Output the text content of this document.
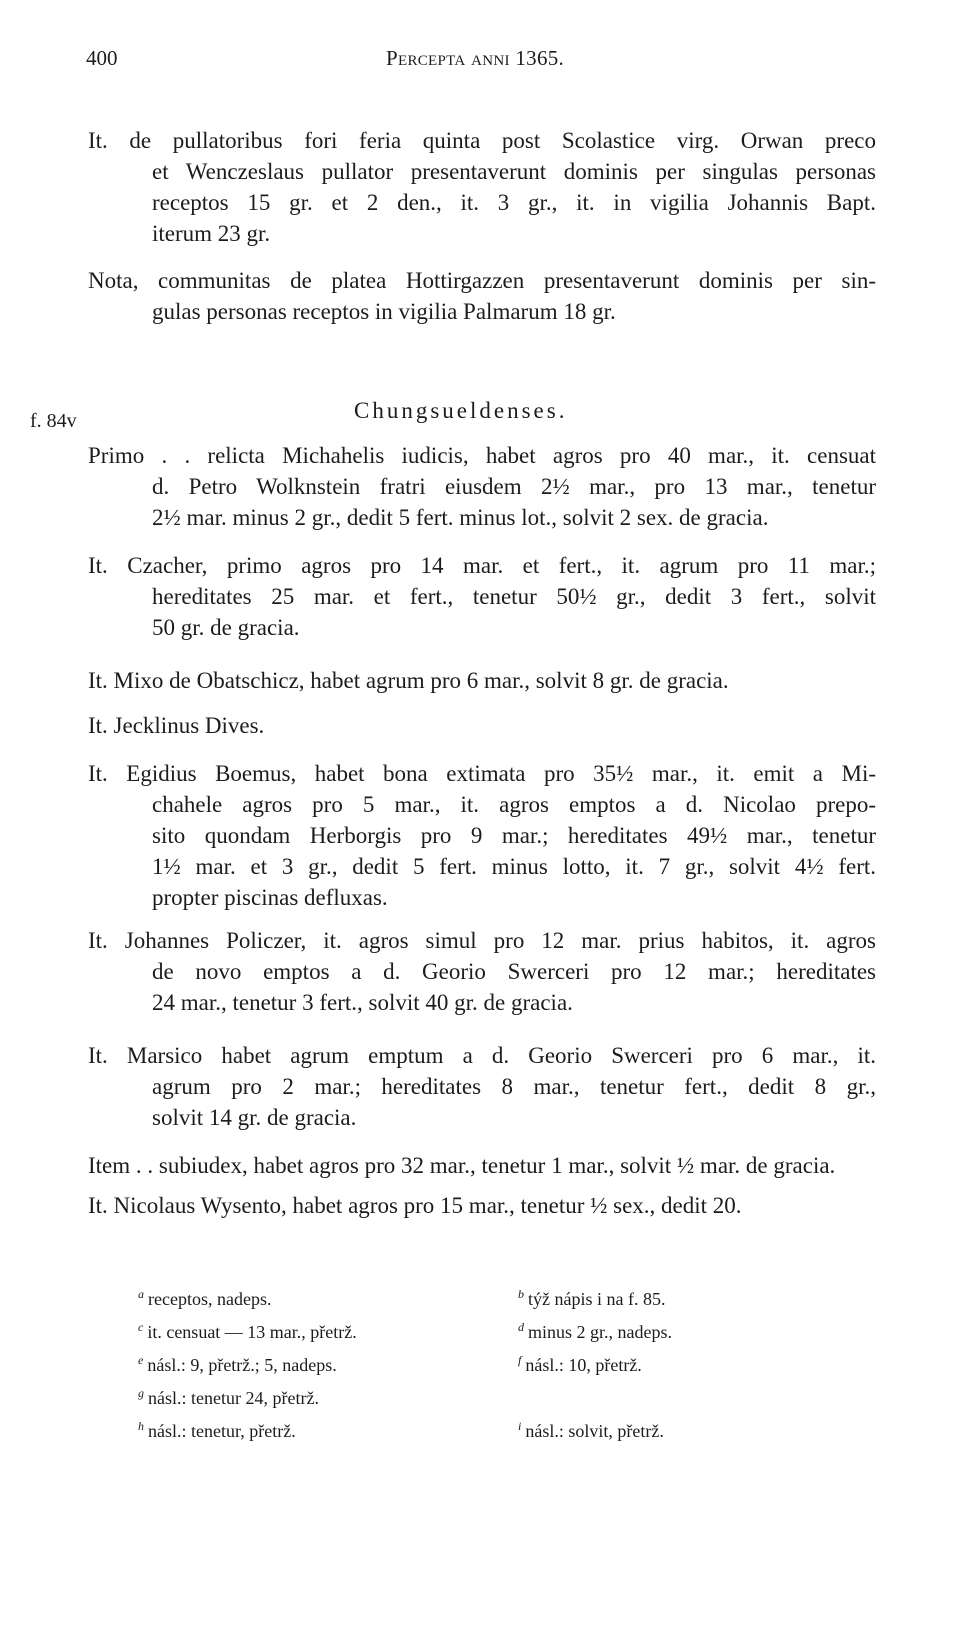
400	Percepta anni 1365.
f. 84v	Chungsueldenses.
It. de pullatoribus fori feria quinta post Scolastice virg. Orwan preco
et Wenczeslaus pullator presentaverunt dominis per singulas personas
receptos 15 gr. et 2 den., it. 3 gr., it. in vigilia Johannis Bapt.
iterum 23 gr.
Nota, communitas de platea Hottirgazzen presentaverunt dominis per sin-
gulas personas receptos in vigilia Palmarum 18 gr.
Primo . . relicta Michahelis iudicis, habet agros pro 40 mar., it. censuat
d. Petro Wolknstein fratri eiusdem 2½ mar., pro 13 mar., tenetur
2½ mar. minus 2 gr., dedit 5 fert. minus lot., solvit 2 sex. de gracia.
It. Czacher, primo agros pro 14 mar. et fert., it. agrum pro 11 mar.;
hereditates 25 mar. et fert., tenetur 50½ gr., dedit 3 fert., solvit
50 gr. de gracia.
It. Mixo de Obatschicz, habet agrum pro 6 mar., solvit 8 gr. de gracia.
It. Jecklinus Dives.
It. Egidius Boemus, habet bona extimata pro 35½ mar., it. emit a Mi-
chahele agros pro 5 mar., it. agros emptos a d. Nicolao prepo-
sito quondam Herborgis pro 9 mar.; hereditates 49½ mar., tenetur
1½ mar. et 3 gr., dedit 5 fert. minus lotto, it. 7 gr., solvit 4½ fert.
propter piscinas defluxas.
It. Johannes Policzer, it. agros simul pro 12 mar. prius habitos, it. agros
de novo emptos a d. Georio Swerceri pro 12 mar.; hereditates
24 mar., tenetur 3 fert., solvit 40 gr. de gracia.
It. Marsico habet agrum emptum a d. Georio Swerceri pro 6 mar., it.
agrum pro 2 mar.; hereditates 8 mar., tenetur fert., dedit 8 gr.,
solvit 14 gr. de gracia.
Item . . subiudex, habet agros pro 32 mar., tenetur 1 mar., solvit ½ mar. de gracia.
It. Nicolaus Wysento, habet agros pro 15 mar., tenetur ½ sex., dedit 20.
$^a$ receptos, nadeps.	$^b$ týž nápis i na f. 85.
$^c$ it. censuat — 13 mar., přetrž.	$^d$ minus 2 gr., nadeps.
$^e$ násl.: 9, přetrž.; 5, nadeps.	$^f$ násl.: 10, přetrž.
$^g$ násl.: tenetur 24, přetrž.
$^h$ násl.: tenetur, přetrž.	$^i$ násl.: solvit, přetrž.
